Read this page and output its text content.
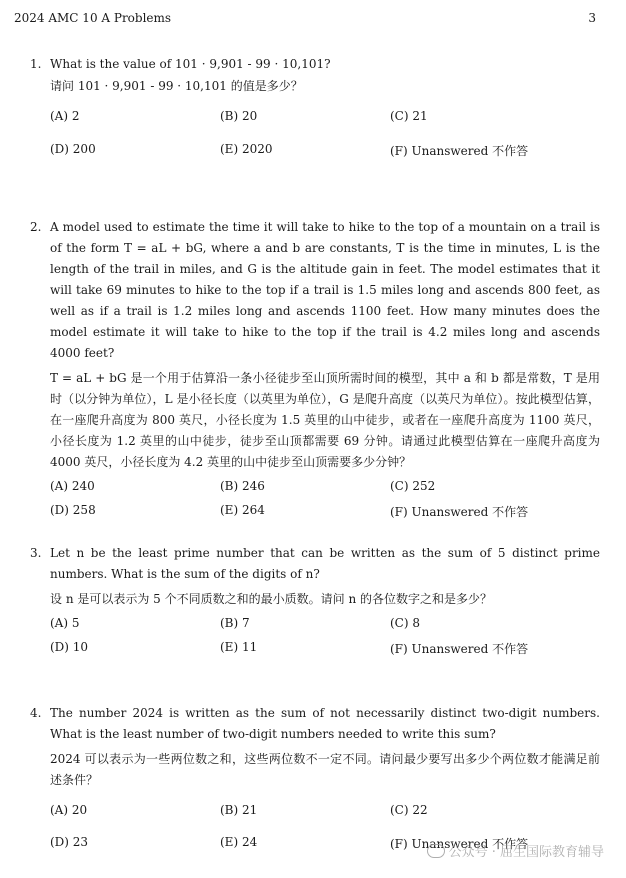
2024 AMC 10 A Problems	3

1. What is the value of 101 · 9,901 - 99 · 10,101?

请问 101 · 9,901 - 99 · 10,101 的值是多少？

(A) 2	(B) 20	(C) 21
(D) 200	(E) 2020	(F) Unanswered 不作答

2. A model used to estimate the time it will take to hike to the top of a mountain on a trail is of the form T = aL + bG, where a and b are constants, T is the time in minutes, L is the length of the trail in miles, and G is the altitude gain in feet. The model estimates that it will take 69 minutes to hike to the top if a trail is 1.5 miles long and ascends 800 feet, as well as if a trail is 1.2 miles long and ascends 1100 feet. How many minutes does the model estimate it will take to hike to the top if the trail is 4.2 miles long and ascends 4000 feet?

T = aL + bG 是一个用于估算沿一条小径徒步至山顶所需时间的模型，其中 a 和 b 都是常数，T 是用时（以分钟为单位），L 是小径长度（以英里为单位），G 是爬升高度（以英尺为单位）。按此模型估算，在一座爬升高度为 800 英尺，小径长度为 1.5 英里的山中徒步，或者在一座爬升高度为 1100 英尺，小径长度为 1.2 英里的山中徒步，徒步至山顶都需要 69 分钟。请通过此模型估算在一座爬升高度为 4000 英尺，小径长度为 4.2 英里的山中徒步至山顶需要多少分钟？

(A) 240	(B) 246	(C) 252
(D) 258	(E) 264	(F) Unanswered 不作答

3. Let n be the least prime number that can be written as the sum of 5 distinct prime numbers. What is the sum of the digits of n?

设 n 是可以表示为 5 个不同质数之和的最小质数。请问 n 的各位数字之和是多少？

(A) 5	(B) 7	(C) 8
(D) 10	(E) 11	(F) Unanswered 不作答

4. The number 2024 is written as the sum of not necessarily distinct two-digit numbers. What is the least number of two-digit numbers needed to write this sum?

2024 可以表示为一些两位数之和，这些两位数不一定不同。请问最少要写出多少个两位数才能满足前述条件？

(A) 20	(B) 21	(C) 22
(D) 23	(E) 24	(F) Unanswered 不作答
公众号 · 屈生国际教育辅导
